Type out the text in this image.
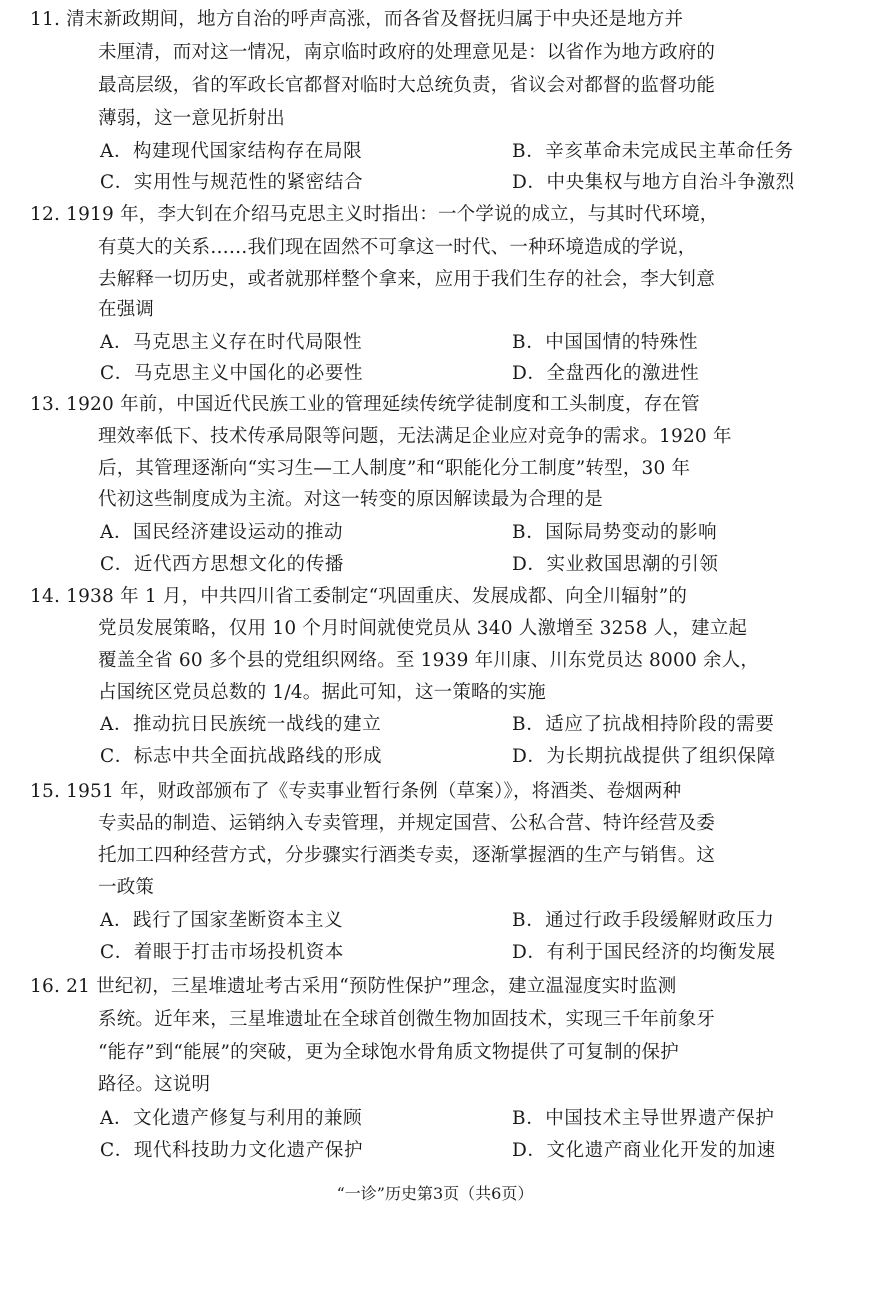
11. 清末新政期间，地方自治的呼声高涨，而各省及督抚归属于中央还是地方并
未厘清，而对这一情况，南京临时政府的处理意见是：以省作为地方政府的
最高层级，省的军政长官都督对临时大总统负责，省议会对都督的监督功能
薄弱，这一意见折射出
A．构建现代国家结构存在局限	B．辛亥革命未完成民主革命任务
C．实用性与规范性的紧密结合	D．中央集权与地方自治斗争激烈
12. 1919 年，李大钊在介绍马克思主义时指出：一个学说的成立，与其时代环境，
有莫大的关系……我们现在固然不可拿这一时代、一种环境造成的学说，
去解释一切历史，或者就那样整个拿来，应用于我们生存的社会，李大钊意
在强调
A．马克思主义存在时代局限性	B．中国国情的特殊性
C．马克思主义中国化的必要性	D．全盘西化的激进性
13. 1920 年前，中国近代民族工业的管理延续传统学徒制度和工头制度，存在管
理效率低下、技术传承局限等问题，无法满足企业应对竞争的需求。1920 年
后，其管理逐渐向“实习生—工人制度”和“职能化分工制度”转型，30 年
代初这些制度成为主流。对这一转变的原因解读最为合理的是
A．国民经济建设运动的推动	B．国际局势变动的影响
C．近代西方思想文化的传播	D．实业救国思潮的引领
14. 1938 年 1 月，中共四川省工委制定“巩固重庆、发展成都、向全川辐射”的
党员发展策略，仅用 10 个月时间就使党员从 340 人激增至 3258 人，建立起
覆盖全省 60 多个县的党组织网络。至 1939 年川康、川东党员达 8000 余人，
占国统区党员总数的 1/4。据此可知，这一策略的实施
A．推动抗日民族统一战线的建立	B．适应了抗战相持阶段的需要
C．标志中共全面抗战路线的形成	D．为长期抗战提供了组织保障
15. 1951 年，财政部颁布了《专卖事业暂行条例（草案）》，将酒类、卷烟两种
专卖品的制造、运销纳入专卖管理，并规定国营、公私合营、特许经营及委
托加工四种经营方式，分步骤实行酒类专卖，逐渐掌握酒的生产与销售。这
一政策
A．践行了国家垄断资本主义	B．通过行政手段缓解财政压力
C．着眼于打击市场投机资本	D．有利于国民经济的均衡发展
16. 21 世纪初，三星堆遗址考古采用“预防性保护”理念，建立温湿度实时监测
系统。近年来，三星堆遗址在全球首创微生物加固技术，实现三千年前象牙
“能存”到“能展”的突破，更为全球饱水骨角质文物提供了可复制的保护
路径。这说明
A．文化遗产修复与利用的兼顾	B．中国技术主导世界遗产保护
C．现代科技助力文化遗产保护	D．文化遗产商业化开发的加速
“一诊”历史第3页（共6页）
